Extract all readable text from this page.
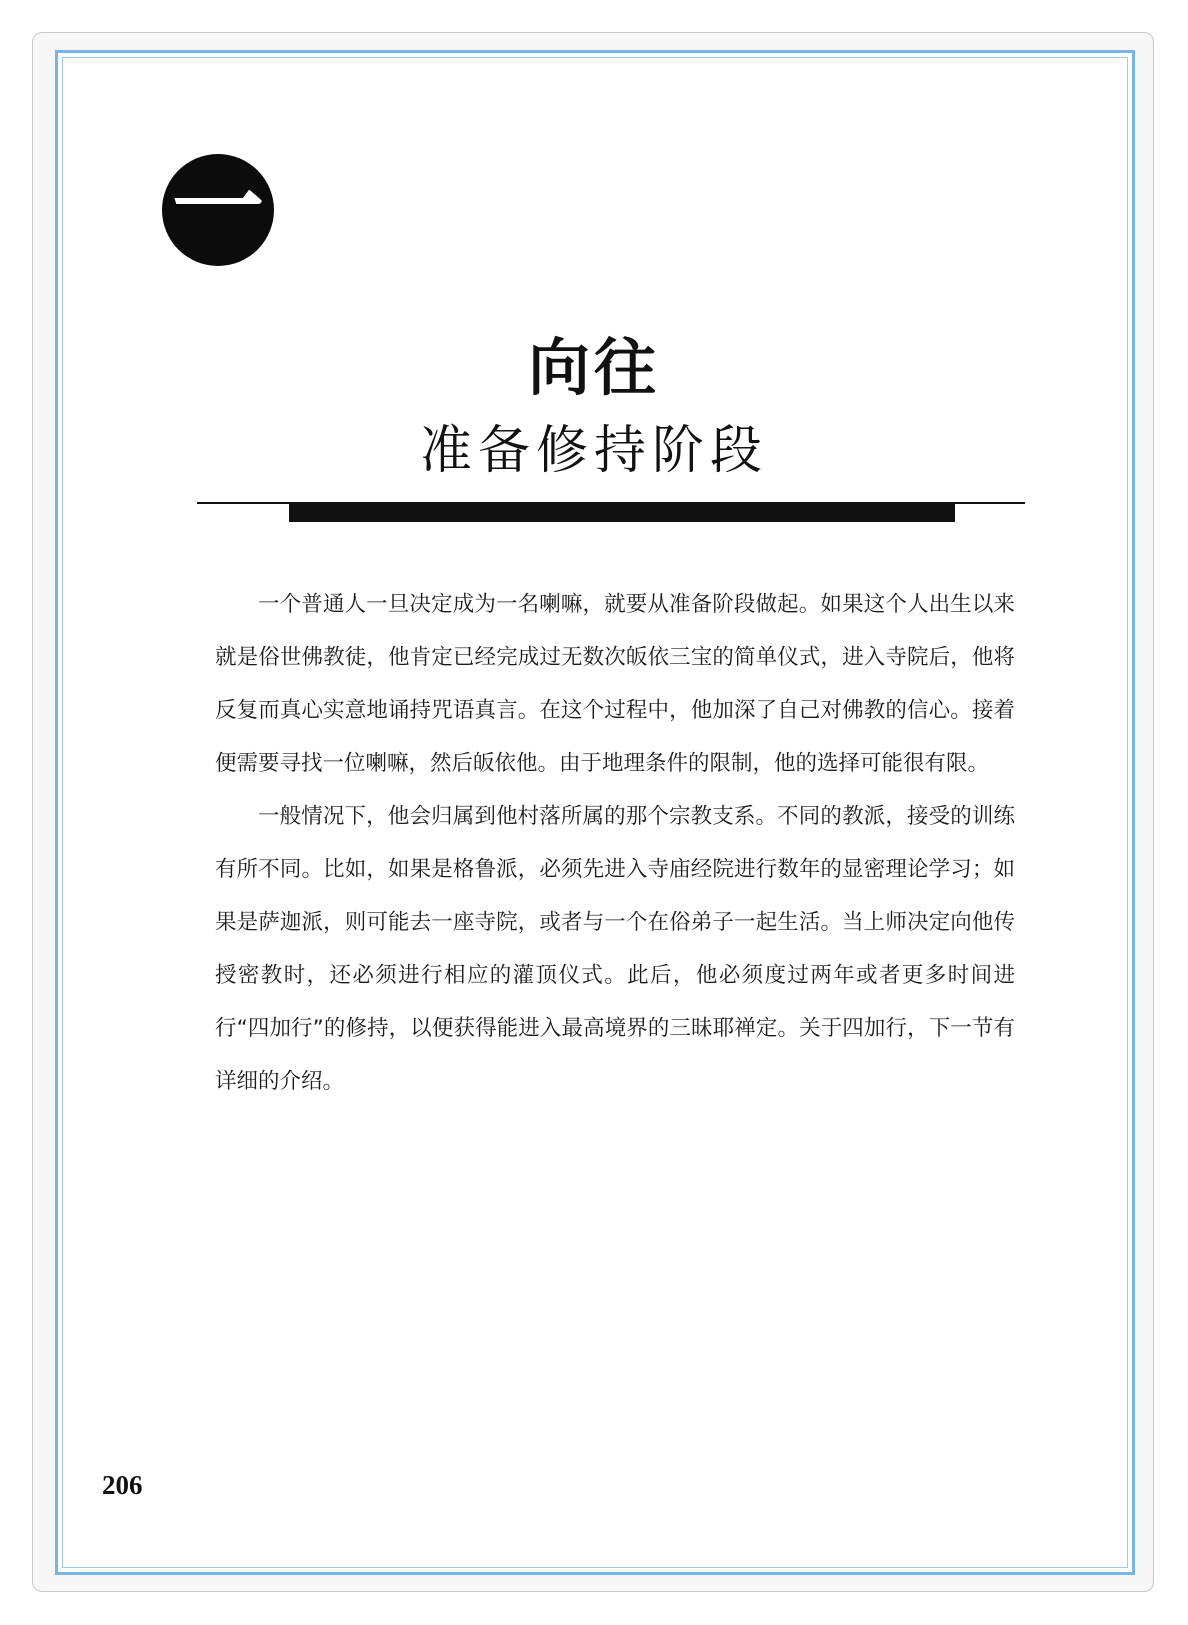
一
向往
准备修持阶段

一个普通人一旦决定成为一名喇嘛，就要从准备阶段做起。如果这个人出生以来就是俗世佛教徒，他肯定已经完成过无数次皈依三宝的简单仪式，进入寺院后，他将反复而真心实意地诵持咒语真言。在这个过程中，他加深了自己对佛教的信心。接着便需要寻找一位喇嘛，然后皈依他。由于地理条件的限制，他的选择可能很有限。

一般情况下，他会归属到他村落所属的那个宗教支系。不同的教派，接受的训练有所不同。比如，如果是格鲁派，必须先进入寺庙经院进行数年的显密理论学习；如果是萨迦派，则可能去一座寺院，或者与一个在俗弟子一起生活。当上师决定向他传授密教时，还必须进行相应的灌顶仪式。此后，他必须度过两年或者更多时间进行“四加行”的修持，以便获得能进入最高境界的三昧耶禅定。关于四加行，下一节有详细的介绍。

206
